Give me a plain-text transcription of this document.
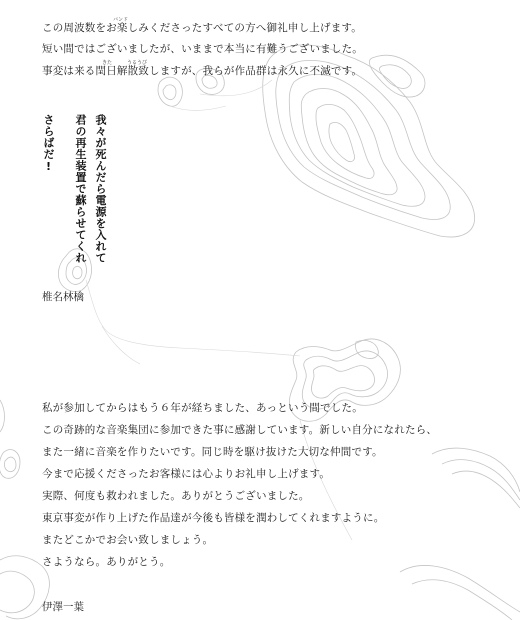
バンド

この周波数をお楽しみくださったすべての方へ御礼申し上げます。

短い間ではございましたが、いままで本当に有難うございました。

きた	うるうび

事変は来る閏日解散致しますが、我らが作品群は永久に不滅です。

我々が死んだら電源を入れて

君の再生装置で蘇らせてくれ

さらばだ!

椎名林檎

私が参加してからはもう６年が経ちました、あっという間でした。

この奇跡的な音楽集団に参加できた事に感謝しています。新しい自分になれたら、

また一緒に音楽を作りたいです。同じ時を駆け抜けた大切な仲間です。

今まで応援くださったお客様には心よりお礼申し上げます。

実際、何度も救われました。ありがとうございました。

東京事変が作り上げた作品達が今後も皆様を潤わしてくれますように。

またどこかでお会い致しましょう。

さようなら。ありがとう。

伊澤一葉
